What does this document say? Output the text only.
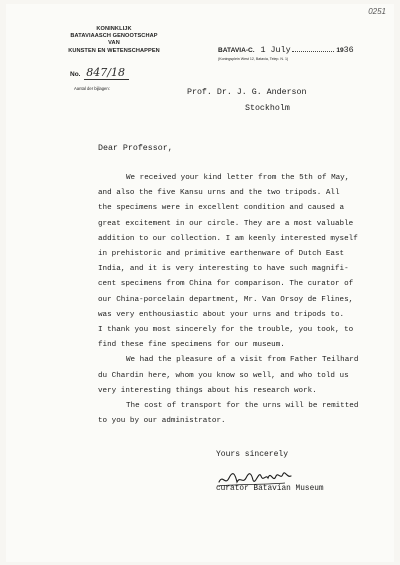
0251
KONINKLIJK
BATAVIAASCH GENOOTSCHAP
VAN
KUNSTEN EN WETENSCHAPPEN
No. 847/18
Aantal der bijlagen:
BATAVIA-C. 1 July	1936
(Koningsplein West 12, Batavia, Telep. N. 1)
Prof. Dr. J. G. Anderson
Stockholm
Dear Professor,
We received your kind letter from the 5th of May,
and also the five Kansu urns and the two tripods. All
the specimens were in excellent condition and caused a
great excitement in our circle. They are a most valuable
addition to our collection. I am keenly interested myself
in prehistoric and primitive earthenware of Dutch East
India, and it is very interesting to have such magnifi-
cent specimens from China for comparison. The curator of
our China-porcelain department, Mr. Van Orsoy de Flines,
was very enthousiastic about your urns and tripods to.
I thank you most sincerely for the trouble, you took, to
find these fine specimens for our museum.
We had the pleasure of a visit from Father Teilhard
du Chardin here, whom you know so well, and who told us
very interesting things about his research work.
The cost of transport for the urns will be remitted
to you by our administrator.
Yours sincerely
curator Batavian Museum
